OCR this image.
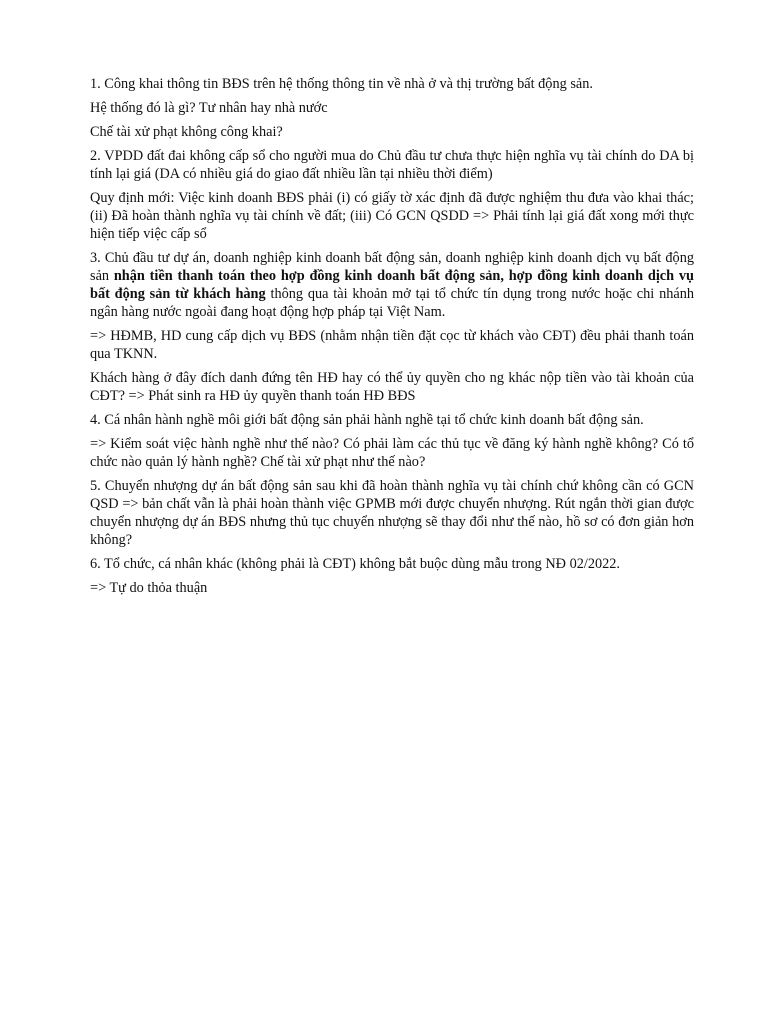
1. Công khai thông tin BĐS trên hệ thống thông tin về nhà ở và thị trường bất động sản.

Hệ thống đó là gì? Tư nhân hay nhà nước

Chế tài xử phạt không công khai?

2. VPDD đất đai không cấp sổ cho người mua do Chủ đầu tư chưa thực hiện nghĩa vụ tài chính do DA bị tính lại giá (DA có nhiều giá do giao đất nhiều lần tại nhiều thời điểm)

Quy định mới: Việc kinh doanh BĐS phải (i) có giấy tờ xác định đã được nghiệm thu đưa vào khai thác; (ii) Đã hoàn thành nghĩa vụ tài chính về đất; (iii) Có GCN QSDD => Phải tính lại giá đất xong mới thực hiện tiếp việc cấp sổ

3. Chủ đầu tư dự án, doanh nghiệp kinh doanh bất động sản, doanh nghiệp kinh doanh dịch vụ bất động sản nhận tiền thanh toán theo hợp đồng kinh doanh bất động sản, hợp đồng kinh doanh dịch vụ bất động sản từ khách hàng thông qua tài khoản mở tại tổ chức tín dụng trong nước hoặc chi nhánh ngân hàng nước ngoài đang hoạt động hợp pháp tại Việt Nam.

=> HĐMB, HD cung cấp dịch vụ BĐS (nhằm nhận tiền đặt cọc từ khách vào CĐT) đều phải thanh toán qua TKNN.

Khách hàng ở đây đích danh đứng tên HĐ hay có thể ủy quyền cho ng khác nộp tiền vào tài khoản của CĐT? => Phát sinh ra HĐ ủy quyền thanh toán HĐ BĐS

4. Cá nhân hành nghề môi giới bất động sản phải hành nghề tại tổ chức kinh doanh bất động sản.

=> Kiểm soát việc hành nghề như thế nào? Có phải làm các thủ tục về đăng ký hành nghề không? Có tổ chức nào quản lý hành nghề? Chế tài xử phạt như thế nào?

5. Chuyển nhượng dự án bất động sản sau khi đã hoàn thành nghĩa vụ tài chính chứ không cần có GCN QSD => bản chất vẫn là phải hoàn thành việc GPMB mới được chuyển nhượng. Rút ngắn thời gian được chuyển nhượng dự án BĐS nhưng thủ tục chuyển nhượng sẽ thay đổi như thế nào, hồ sơ có đơn giản hơn không?

6. Tổ chức, cá nhân khác (không phải là CĐT) không bắt buộc dùng mẫu trong NĐ 02/2022.

=> Tự do thỏa thuận
